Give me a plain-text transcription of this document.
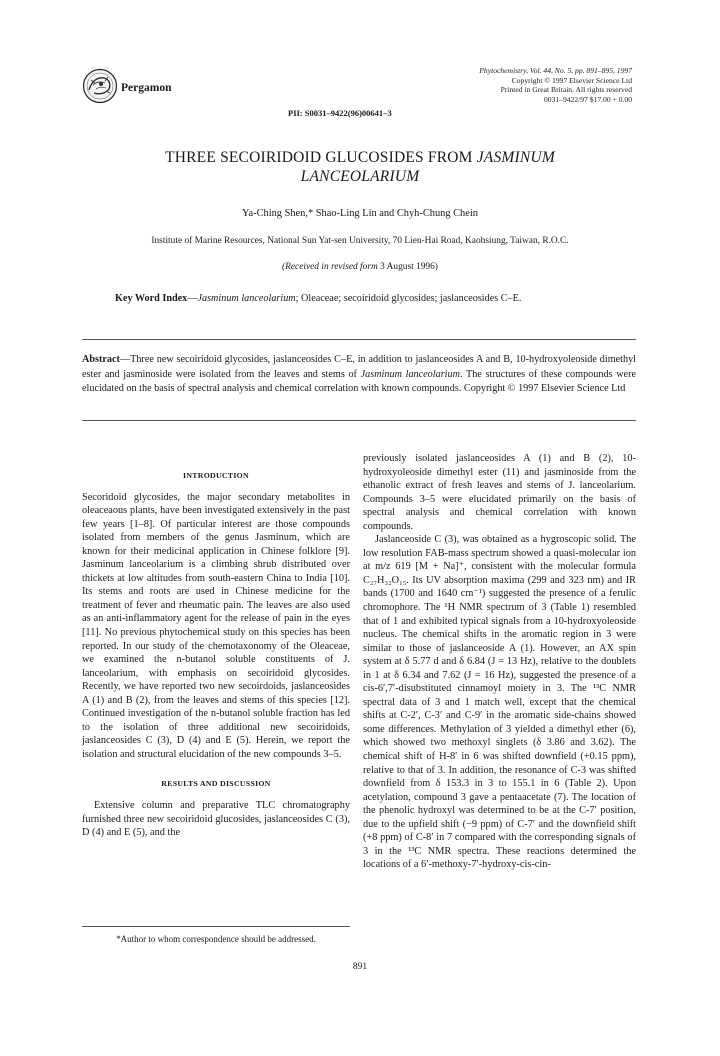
Pergamon
Phytochemistry, Vol. 44, No. 5, pp. 891–895, 1997
Copyright © 1997 Elsevier Science Ltd
Printed in Great Britain. All rights reserved
0031–9422/97 $17.00 + 0.00
PII: S0031–9422(96)00641–3
THREE SECOIRIDOID GLUCOSIDES FROM JASMINUM
LANCEOLARIUM
Ya-Ching Shen,* Shao-Ling Lin and Chyh-Chung Chein
Institute of Marine Resources, National Sun Yat-sen University, 70 Lien-Hai Road, Kaohsiung, Taiwan, R.O.C.
(Received in revised form 3 August 1996)
Key Word Index—Jasminum lanceolarium; Oleaceae; secoiridoid glycosides; jaslanceosides C–E.
Abstract—Three new secoiridoid glycosides, jaslanceosides C–E, in addition to jaslanceosides A and B, 10-hydroxyoleoside dimethyl ester and jasminoside were isolated from the leaves and stems of Jasminum lanceolarium. The structures of these compounds were elucidated on the basis of spectral analysis and chemical correlation with known compounds. Copyright © 1997 Elsevier Science Ltd
INTRODUCTION

Secoridoid glycosides, the major secondary metabolites in oleaceaous plants, have been investigated extensively in the past few years [1–8]. Of particular interest are those compounds isolated from members of the genus Jasminum, which are known for their medicinal application in Chinese folklore [9]. Jasminum lanceolarium is a climbing shrub distributed over thickets at low altitudes from south-eastern China to India [10]. Its stems and roots are used in Chinese medicine for the treatment of fever and rheumatic pain. The leaves are also used as an anti-inflammatory agent for the release of pain in the eyes [11]. No previous phytochemical study on this species has been reported. In our study of the chemotaxonomy of the Oleaceae, we examined the n-butanol soluble constituents of J. lanceolarium, with emphasis on secoiridoid glycosides. Recently, we have reported two new secoirdoids, jaslanceosides A (1) and B (2), from the leaves and stems of this species [12]. Continued investigation of the n-butanol soluble fraction has led to the isolation of three additional new secoiridoids, jaslanceosides C (3), D (4) and E (5). Herein, we report the isolation and structural elucidation of the new compounds 3–5.

RESULTS AND DISCUSSION

Extensive column and preparative TLC chromatography furnished three new secoiridoid glucosides, jaslanceosides C (3), D (4) and E (5), and the

*Author to whom correspondence should be addressed.

previously isolated jaslanceosides A (1) and B (2), 10-hydroxyoleoside dimethyl ester (11) and jasminoside from the ethanolic extract of fresh leaves and stems of J. lanceolarium. Compounds 3–5 were elucidated primarily on the basis of spectral analysis and chemical correlation with known compounds.

Jaslanceoside C (3), was obtained as a hygroscopic solid. The low resolution FAB-mass spectrum showed a quasi-molecular ion at m/z 619 [M + Na]⁺, consistent with the molecular formula C₂₇H₃₂O₁₅. Its UV absorption maxima (299 and 323 nm) and IR bands (1700 and 1640 cm⁻¹) suggested the presence of a ferulic chromophore. The ¹H NMR spectrum of 3 (Table 1) resembled that of 1 and exhibited typical signals from a 10-hydroxyoleoside nucleus. The chemical shifts in the aromatic region in 3 were similar to those of jaslanceoside A (1). However, an AX spin system at δ 5.77 d and δ 6.84 (J = 13 Hz), relative to the doublets in 1 at δ 6.34 and 7.62 (J = 16 Hz), suggested the presence of a cis-6′,7′-disubstituted cinnamoyl moiety in 3. The ¹³C NMR spectral data of 3 and 1 match well, except that the chemical shifts at C-2′, C-3′ and C-9′ in the aromatic side-chains showed some differences. Methylation of 3 yielded a dimethyl ether (6), which showed two methoxyl singlets (δ 3.86 and 3.62). The chemical shift of H-8′ in 6 was shifted downfield (+0.15 ppm), relative to that of 3. In addition, the resonance of C-3 was shifted downfield from δ 153.3 in 3 to 155.1 in 6 (Table 2). Upon acetylation, compound 3 gave a pentaacetate (7). The location of the phenolic hydroxyl was determined to be at the C-7′ position, due to the upfield shift (−9 ppm) of C-7′ and the downfield shift (+8 ppm) of C-8′ in 7 compared with the corresponding signals of 3 in the ¹³C NMR spectra. These reactions determined the locations of a 6′-methoxy-7′-hydroxy-cis-cin-

891
